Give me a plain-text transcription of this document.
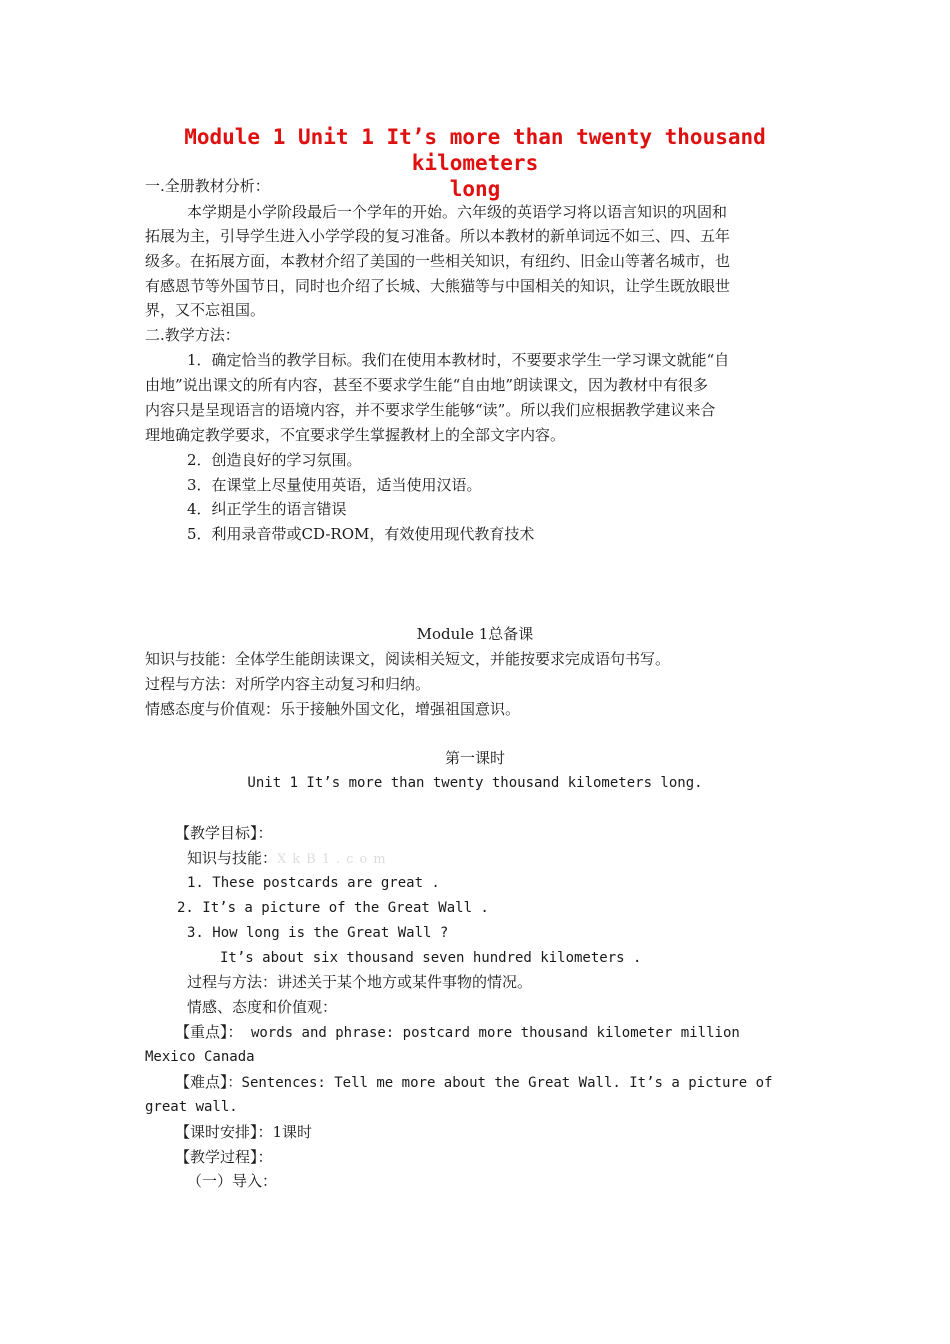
Module 1 Unit 1 It’s more than twenty thousand kilometers
long
一.全册教材分析：
本学期是小学阶段最后一个学年的开始。六年级的英语学习将以语言知识的巩固和
拓展为主，引导学生进入小学学段的复习准备。所以本教材的新单词远不如三、四、五年
级多。在拓展方面，本教材介绍了美国的一些相关知识，有纽约、旧金山等著名城市，也
有感恩节等外国节日，同时也介绍了长城、大熊猫等与中国相关的知识，让学生既放眼世
界，又不忘祖国。
二.教学方法：
1．确定恰当的教学目标。我们在使用本教材时，不要要求学生一学习课文就能“自
由地”说出课文的所有内容，甚至不要求学生能“自由地”朗读课文，因为教材中有很多
内容只是呈现语言的语境内容，并不要求学生能够“读”。所以我们应根据教学建议来合
理地确定教学要求，不宜要求学生掌握教材上的全部文字内容。
2．创造良好的学习氛围。
3．在课堂上尽量使用英语，适当使用汉语。
4．纠正学生的语言错误
5．利用录音带或CD-ROM，有效使用现代教育技术
Module 1总备课
知识与技能：全体学生能朗读课文，阅读相关短文，并能按要求完成语句书写。
过程与方法：对所学内容主动复习和归纳。
情感态度与价值观：乐于接触外国文化，增强祖国意识。
第一课时
Unit 1 It’s more than twenty thousand kilometers long.
【教学目标】：
知识与技能：XkB1.com
1. These postcards are great .
2. It’s a picture of the Great Wall .
3. How long is the Great Wall ?
It’s about six thousand seven hundred kilometers .
过程与方法：讲述关于某个地方或某件事物的情况。
情感、态度和价值观：
【重点】： words and phrase: postcard more thousand kilometer million
Mexico Canada
【难点】：Sentences: Tell me more about the Great Wall. It’s a picture of
great wall.
【课时安排】：1课时
【教学过程】：
（一）导入：
